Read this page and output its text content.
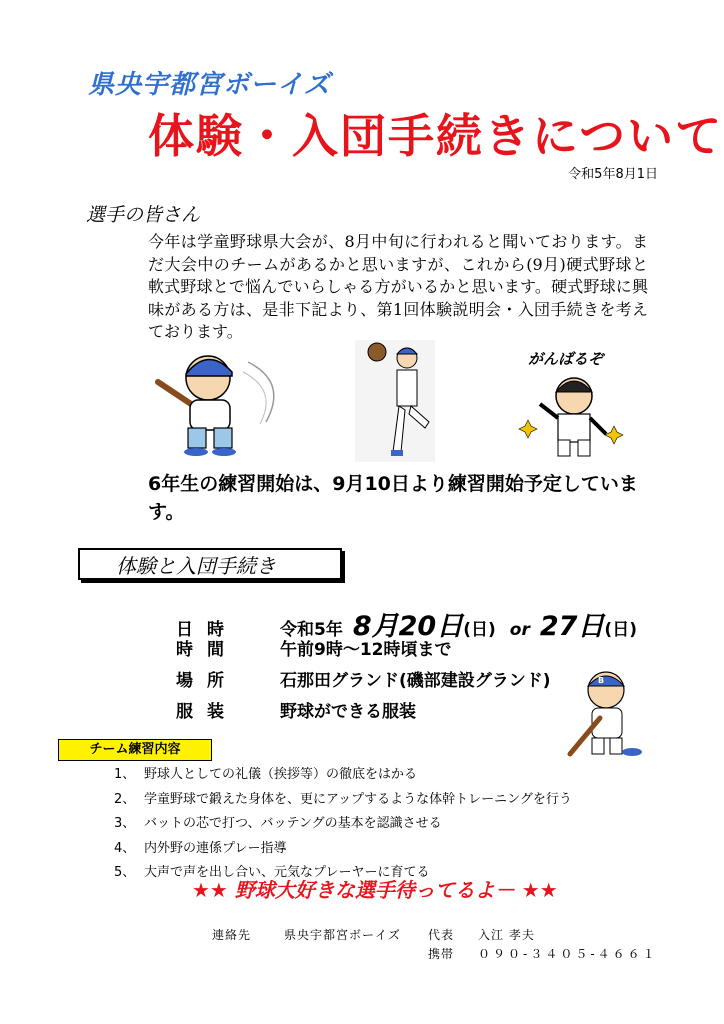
県央宇都宮ボーイズ
体験・入団手続きについて
令和5年8月1日
選手の皆さん
今年は学童野球県大会が、8月中旬に行われると聞いております。まだ大会中のチームがあるかと思いますが、これから(9月)硬式野球と軟式野球とで悩んでいらしゃる方がいるかと思います。硬式野球に興味がある方は、是非下記より、第1回体験説明会・入団手続きを考えております。
がんばるぞ
6年生の練習開始は、9月10日より練習開始予定しています。
体験と入団手続き
日時	令和5年 8月20日 (日) or 27日 (日)
時間	午前9時～12時頃まで
場所	石那田グランド(磯部建設グランド)
服装	野球ができる服装
B
チーム練習内容
1、 野球人としての礼儀（挨拶等）の徹底をはかる
2、 学童野球で鍛えた身体を、更にアップするような体幹トレーニングを行う
3、 バットの芯で打つ、バッテングの基本を認識させる
4、 内外野の連係プレー指導
5、 大声で声を出し合い、元気なプレーヤーに育てる
★★ 野球大好きな選手待ってるよ－ ★★
連絡先	県央宇都宮ボーイズ 代表 入江 孝夫
携帯 ０９０-３４０５-４６６１
